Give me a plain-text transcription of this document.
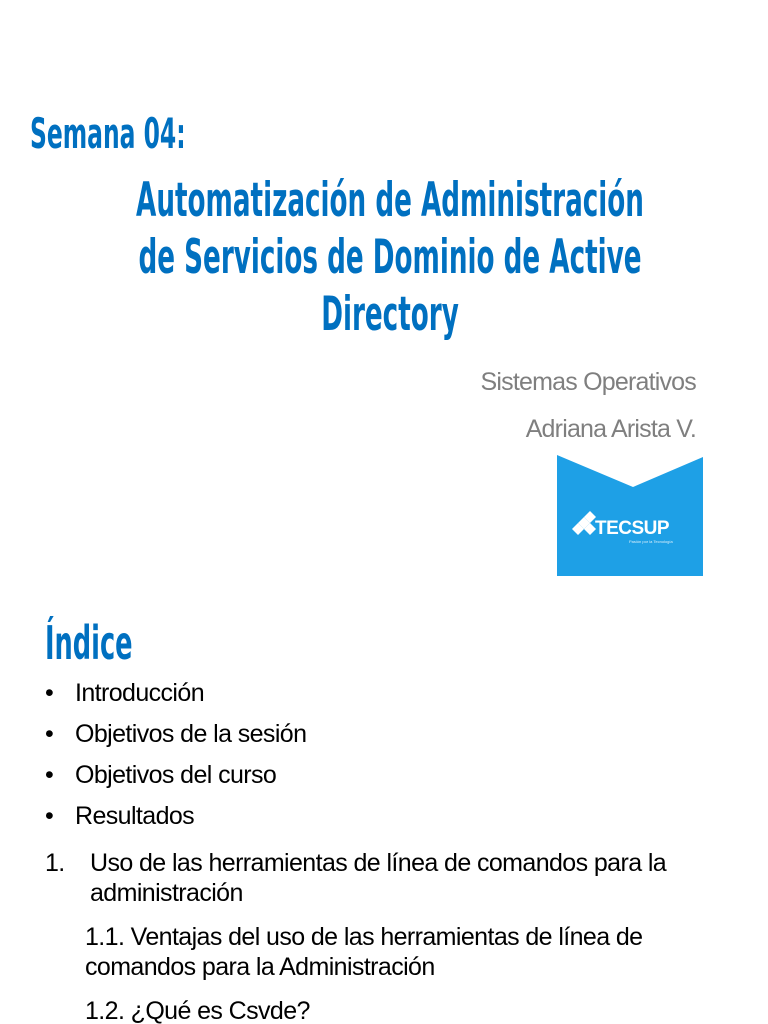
Semana 04:
Automatización de Administración
de Servicios de Dominio de Active
Directory
Sistemas Operativos
Adriana Arista V.
TECSUP
Pasión por la Tecnología
Índice
• Introducción
• Objetivos de la sesión
• Objetivos del curso
• Resultados
1. Uso de las herramientas de línea de comandos para la administración
1.1. Ventajas del uso de las herramientas de línea de comandos para la Administración
1.2. ¿Qué es Csvde?
